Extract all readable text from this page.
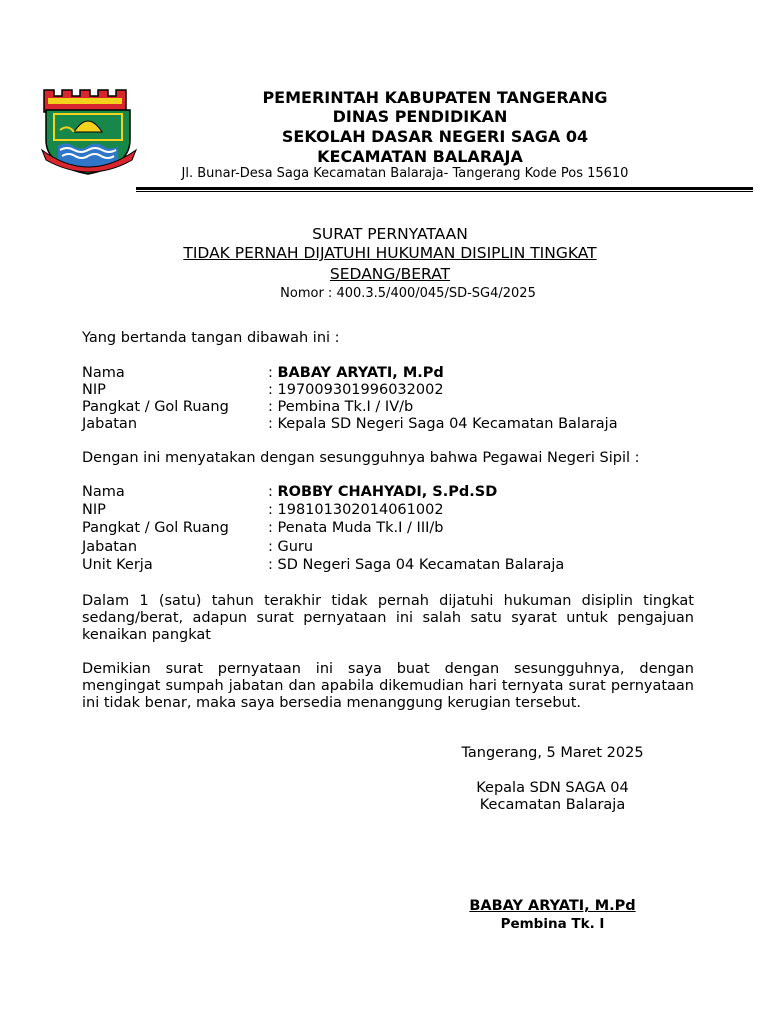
PEMERINTAH KABUPATEN TANGERANG
DINAS PENDIDIKAN
SEKOLAH DASAR NEGERI SAGA 04
KECAMATAN BALARAJA
Jl. Bunar-Desa Saga Kecamatan Balaraja- Tangerang Kode Pos 15610
SURAT PERNYATAAN
TIDAK PERNAH DIJATUHI HUKUMAN DISIPLIN TINGKAT
SEDANG/BERAT
Nomor : 400.3.5/400/045/SD-SG4/2025
Yang bertanda tangan dibawah ini :
Nama	: BABAY ARYATI, M.Pd
NIP	: 197009301996032002
Pangkat / Gol Ruang	: Pembina Tk.I / IV/b
Jabatan	: Kepala SD Negeri Saga 04 Kecamatan Balaraja
Dengan ini menyatakan dengan sesungguhnya bahwa Pegawai Negeri Sipil :
Nama	: ROBBY CHAHYADI, S.Pd.SD
NIP	: 198101302014061002
Pangkat / Gol Ruang	: Penata Muda Tk.I / III/b
Jabatan	: Guru
Unit Kerja	: SD Negeri Saga 04 Kecamatan Balaraja
Dalam 1 (satu) tahun terakhir tidak pernah dijatuhi hukuman disiplin tingkat sedang/berat, adapun surat pernyataan ini salah satu syarat untuk pengajuan kenaikan pangkat
Demikian surat pernyataan ini saya buat dengan sesungguhnya, dengan mengingat sumpah jabatan dan apabila dikemudian hari ternyata surat pernyataan ini tidak benar, maka saya bersedia menanggung kerugian tersebut.
Tangerang, 5 Maret 2025
Kepala SDN SAGA 04
Kecamatan Balaraja
BABAY ARYATI, M.Pd
Pembina Tk. I
